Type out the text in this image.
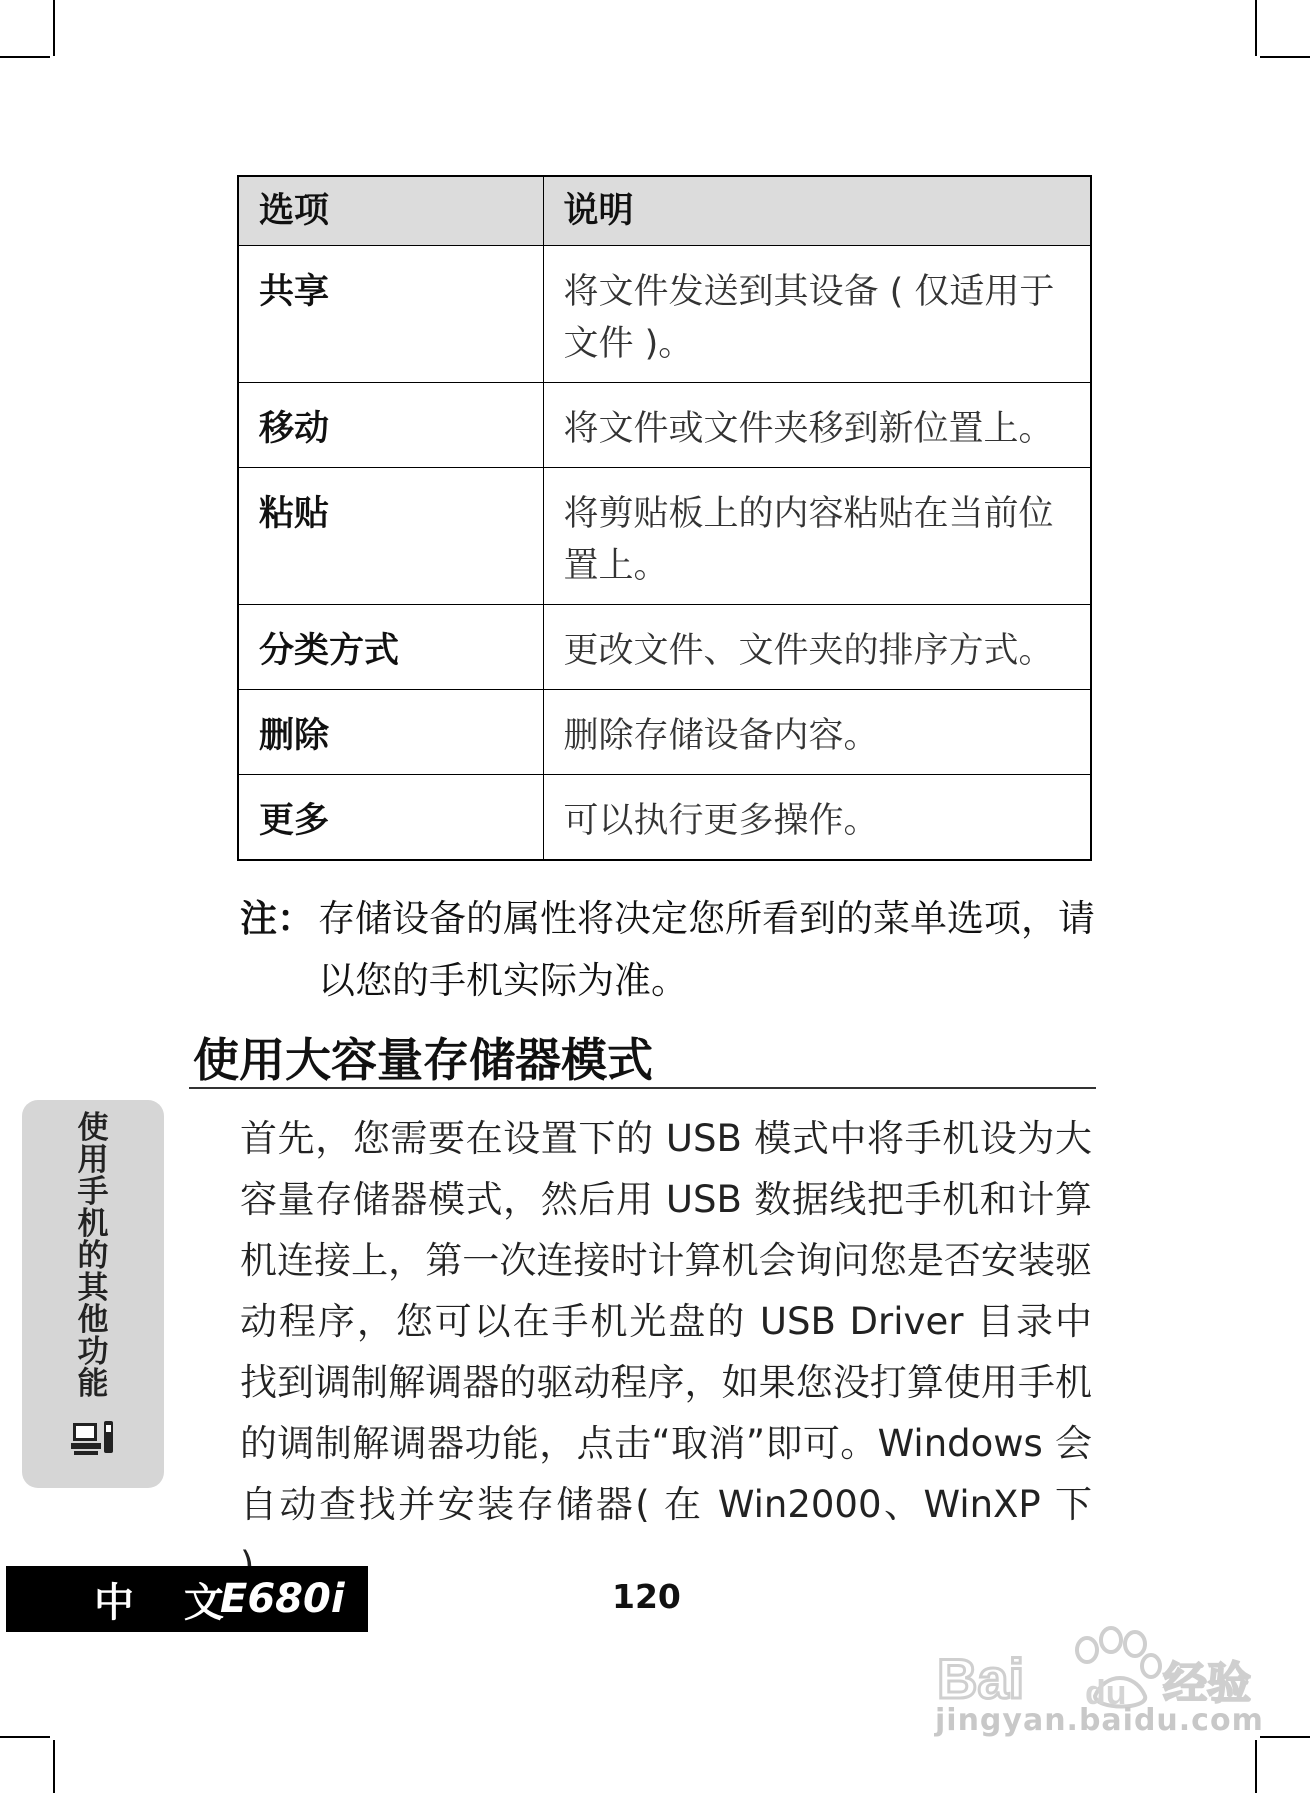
选项	说明
共享	将文件发送到其设备 ( 仅适用于文件 )。
移动	将文件或文件夹移到新位置上。
粘贴	将剪贴板上的内容粘贴在当前位置上。
分类方式	更改文件、文件夹的排序方式。
删除	删除存储设备内容。
更多	可以执行更多操作。
注： 存储设备的属性将决定您所看到的菜单选项，请以您的手机实际为准。
使用大容量存储器模式
首先，您需要在设置下的 USB 模式中将手机设为大容量存储器模式，然后用 USB 数据线把手机和计算机连接上，第一次连接时计算机会询问您是否安装驱动程序，您可以在手机光盘的 USB Driver 目录中找到调制解调器的驱动程序，如果您没打算使用手机的调制解调器功能，点击“取消”即可。Windows 会自动查找并安装存储器( 在 Win2000、WinXP 下
使用手机的其他功能
中 文
E680i	120
Bai du 经验
jingyan.baidu.com
